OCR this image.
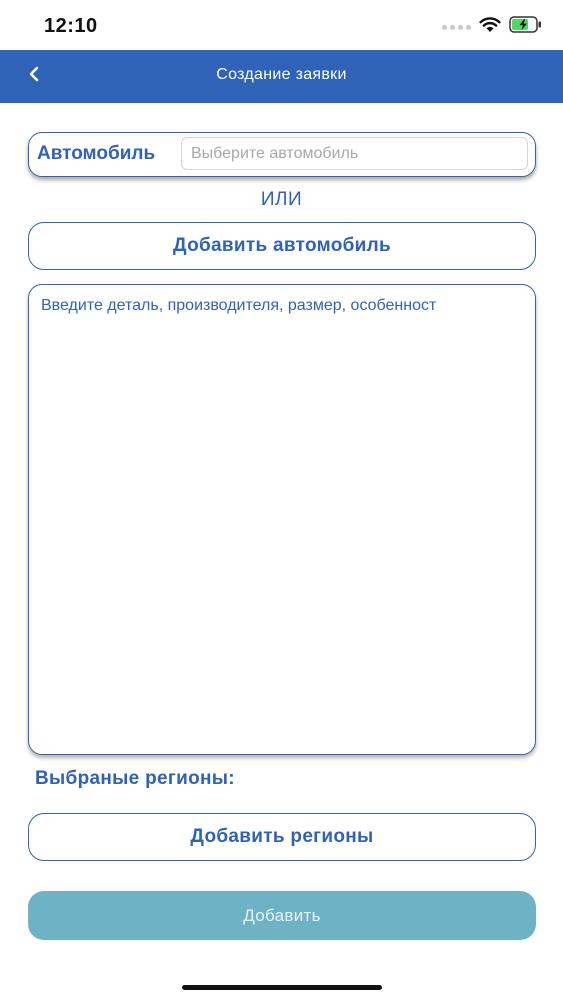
12:10
Создание заявки
Автомобиль
Выберите автомобиль
ИЛИ
Добавить автомобиль
Введите деталь, производителя, размер, особенност
Выбраные регионы:
Добавить регионы
Добавить
